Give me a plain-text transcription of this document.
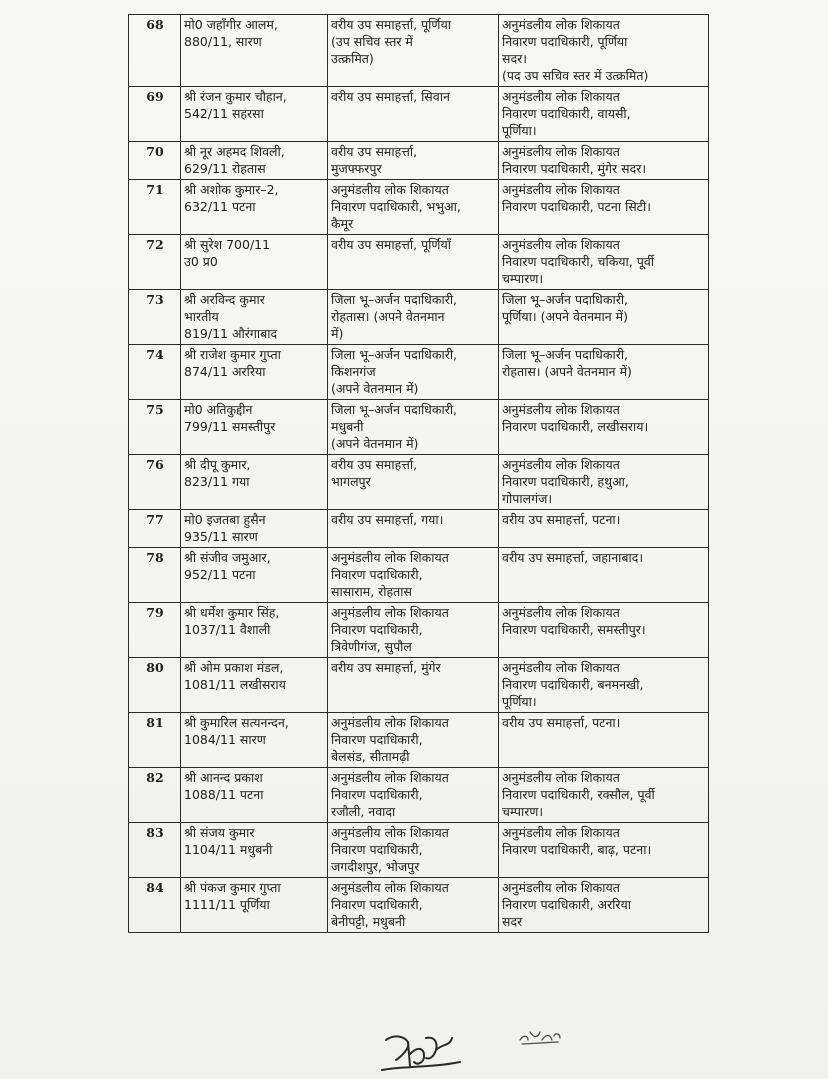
68	मो0 जहाँगीर आलम,
880/11, सारण	वरीय उप समाहर्त्ता, पूर्णिया
(उप सचिव स्तर में
उत्क्रमित)	अनुमंडलीय लोक शिकायत
निवारण पदाधिकारी, पूर्णिया
सदर।
(पद उप सचिव स्तर में उत्क्रमित)

69	श्री रंजन कुमार चौहान,
542/11 सहरसा	वरीय उप समाहर्त्ता, सिवान	अनुमंडलीय लोक शिकायत
निवारण पदाधिकारी, वायसी,
पूर्णिया।

70	श्री नूर अहमद शिवली,
629/11 रोहतास	वरीय उप समाहर्त्ता,
मुजफ्फरपुर	अनुमंडलीय लोक शिकायत
निवारण पदाधिकारी, मुंगेर सदर।

71	श्री अशोक कुमार–2,
632/11 पटना	अनुमंडलीय लोक शिकायत
निवारण पदाधिकारी, भभुआ,
कैमूर	अनुमंडलीय लोक शिकायत
निवारण पदाधिकारी, पटना सिटी।

72	श्री सुरेश 700/11
उ0 प्र0	वरीय उप समाहर्त्ता, पूर्णियाँ	अनुमंडलीय लोक शिकायत
निवारण पदाधिकारी, चकिया, पूर्वी
चम्पारण।

73	श्री अरविन्द कुमार
भारतीय
819/11 औरंगाबाद	जिला भू–अर्जन पदाधिकारी,
रोहतास। (अपने वेतनमान
में)	जिला भू–अर्जन पदाधिकारी,
पूर्णिया। (अपने वेतनमान में)

74	श्री राजेश कुमार गुप्ता
874/11 अररिया	जिला भू–अर्जन पदाधिकारी,
किशनगंज
(अपने वेतनमान में)	जिला भू–अर्जन पदाधिकारी,
रोहतास। (अपने वेतनमान में)

75	मो0 अतिकुद्दीन
799/11 समस्तीपुर	जिला भू–अर्जन पदाधिकारी,
मधुबनी
(अपने वेतनमान में)	अनुमंडलीय लोक शिकायत
निवारण पदाधिकारी, लखीसराय।

76	श्री दीपू कुमार,
823/11 गया	वरीय उप समाहर्त्ता,
भागलपुर	अनुमंडलीय लोक शिकायत
निवारण पदाधिकारी, हथुआ,
गोपालगंज।

77	मो0 इजतबा हुसैन
935/11 सारण	वरीय उप समाहर्त्ता, गया।	वरीय उप समाहर्त्ता, पटना।

78	श्री संजीव जमुआर,
952/11 पटना	अनुमंडलीय लोक शिकायत
निवारण पदाधिकारी,
सासाराम, रोहतास	वरीय उप समाहर्त्ता, जहानाबाद।

79	श्री धर्मेश कुमार सिंह,
1037/11 वैशाली	अनुमंडलीय लोक शिकायत
निवारण पदाधिकारी,
त्रिवेणीगंज, सुपौल	अनुमंडलीय लोक शिकायत
निवारण पदाधिकारी, समस्तीपुर।

80	श्री ओम प्रकाश मंडल,
1081/11 लखीसराय	वरीय उप समाहर्त्ता, मुंगेर	अनुमंडलीय लोक शिकायत
निवारण पदाधिकारी, बनमनखी,
पूर्णिया।

81	श्री कुमारिल सत्यनन्दन,
1084/11 सारण	अनुमंडलीय लोक शिकायत
निवारण पदाधिकारी,
बेलसंड, सीतामढ़ी	वरीय उप समाहर्त्ता, पटना।

82	श्री आनन्द प्रकाश
1088/11 पटना	अनुमंडलीय लोक शिकायत
निवारण पदाधिकारी,
रजौली, नवादा	अनुमंडलीय लोक शिकायत
निवारण पदाधिकारी, रक्सौल, पूर्वी
चम्पारण।

83	श्री संजय कुमार
1104/11 मधुबनी	अनुमंडलीय लोक शिकायत
निवारण पदाधिकारी,
जगदीशपुर, भोजपुर	अनुमंडलीय लोक शिकायत
निवारण पदाधिकारी, बाढ़, पटना।

84	श्री पंकज कुमार गुप्ता
1111/11 पूर्णिया	अनुमंडलीय लोक शिकायत
निवारण पदाधिकारी,
बेनीपट्टी, मधुबनी	अनुमंडलीय लोक शिकायत
निवारण पदाधिकारी, अररिया
सदर
